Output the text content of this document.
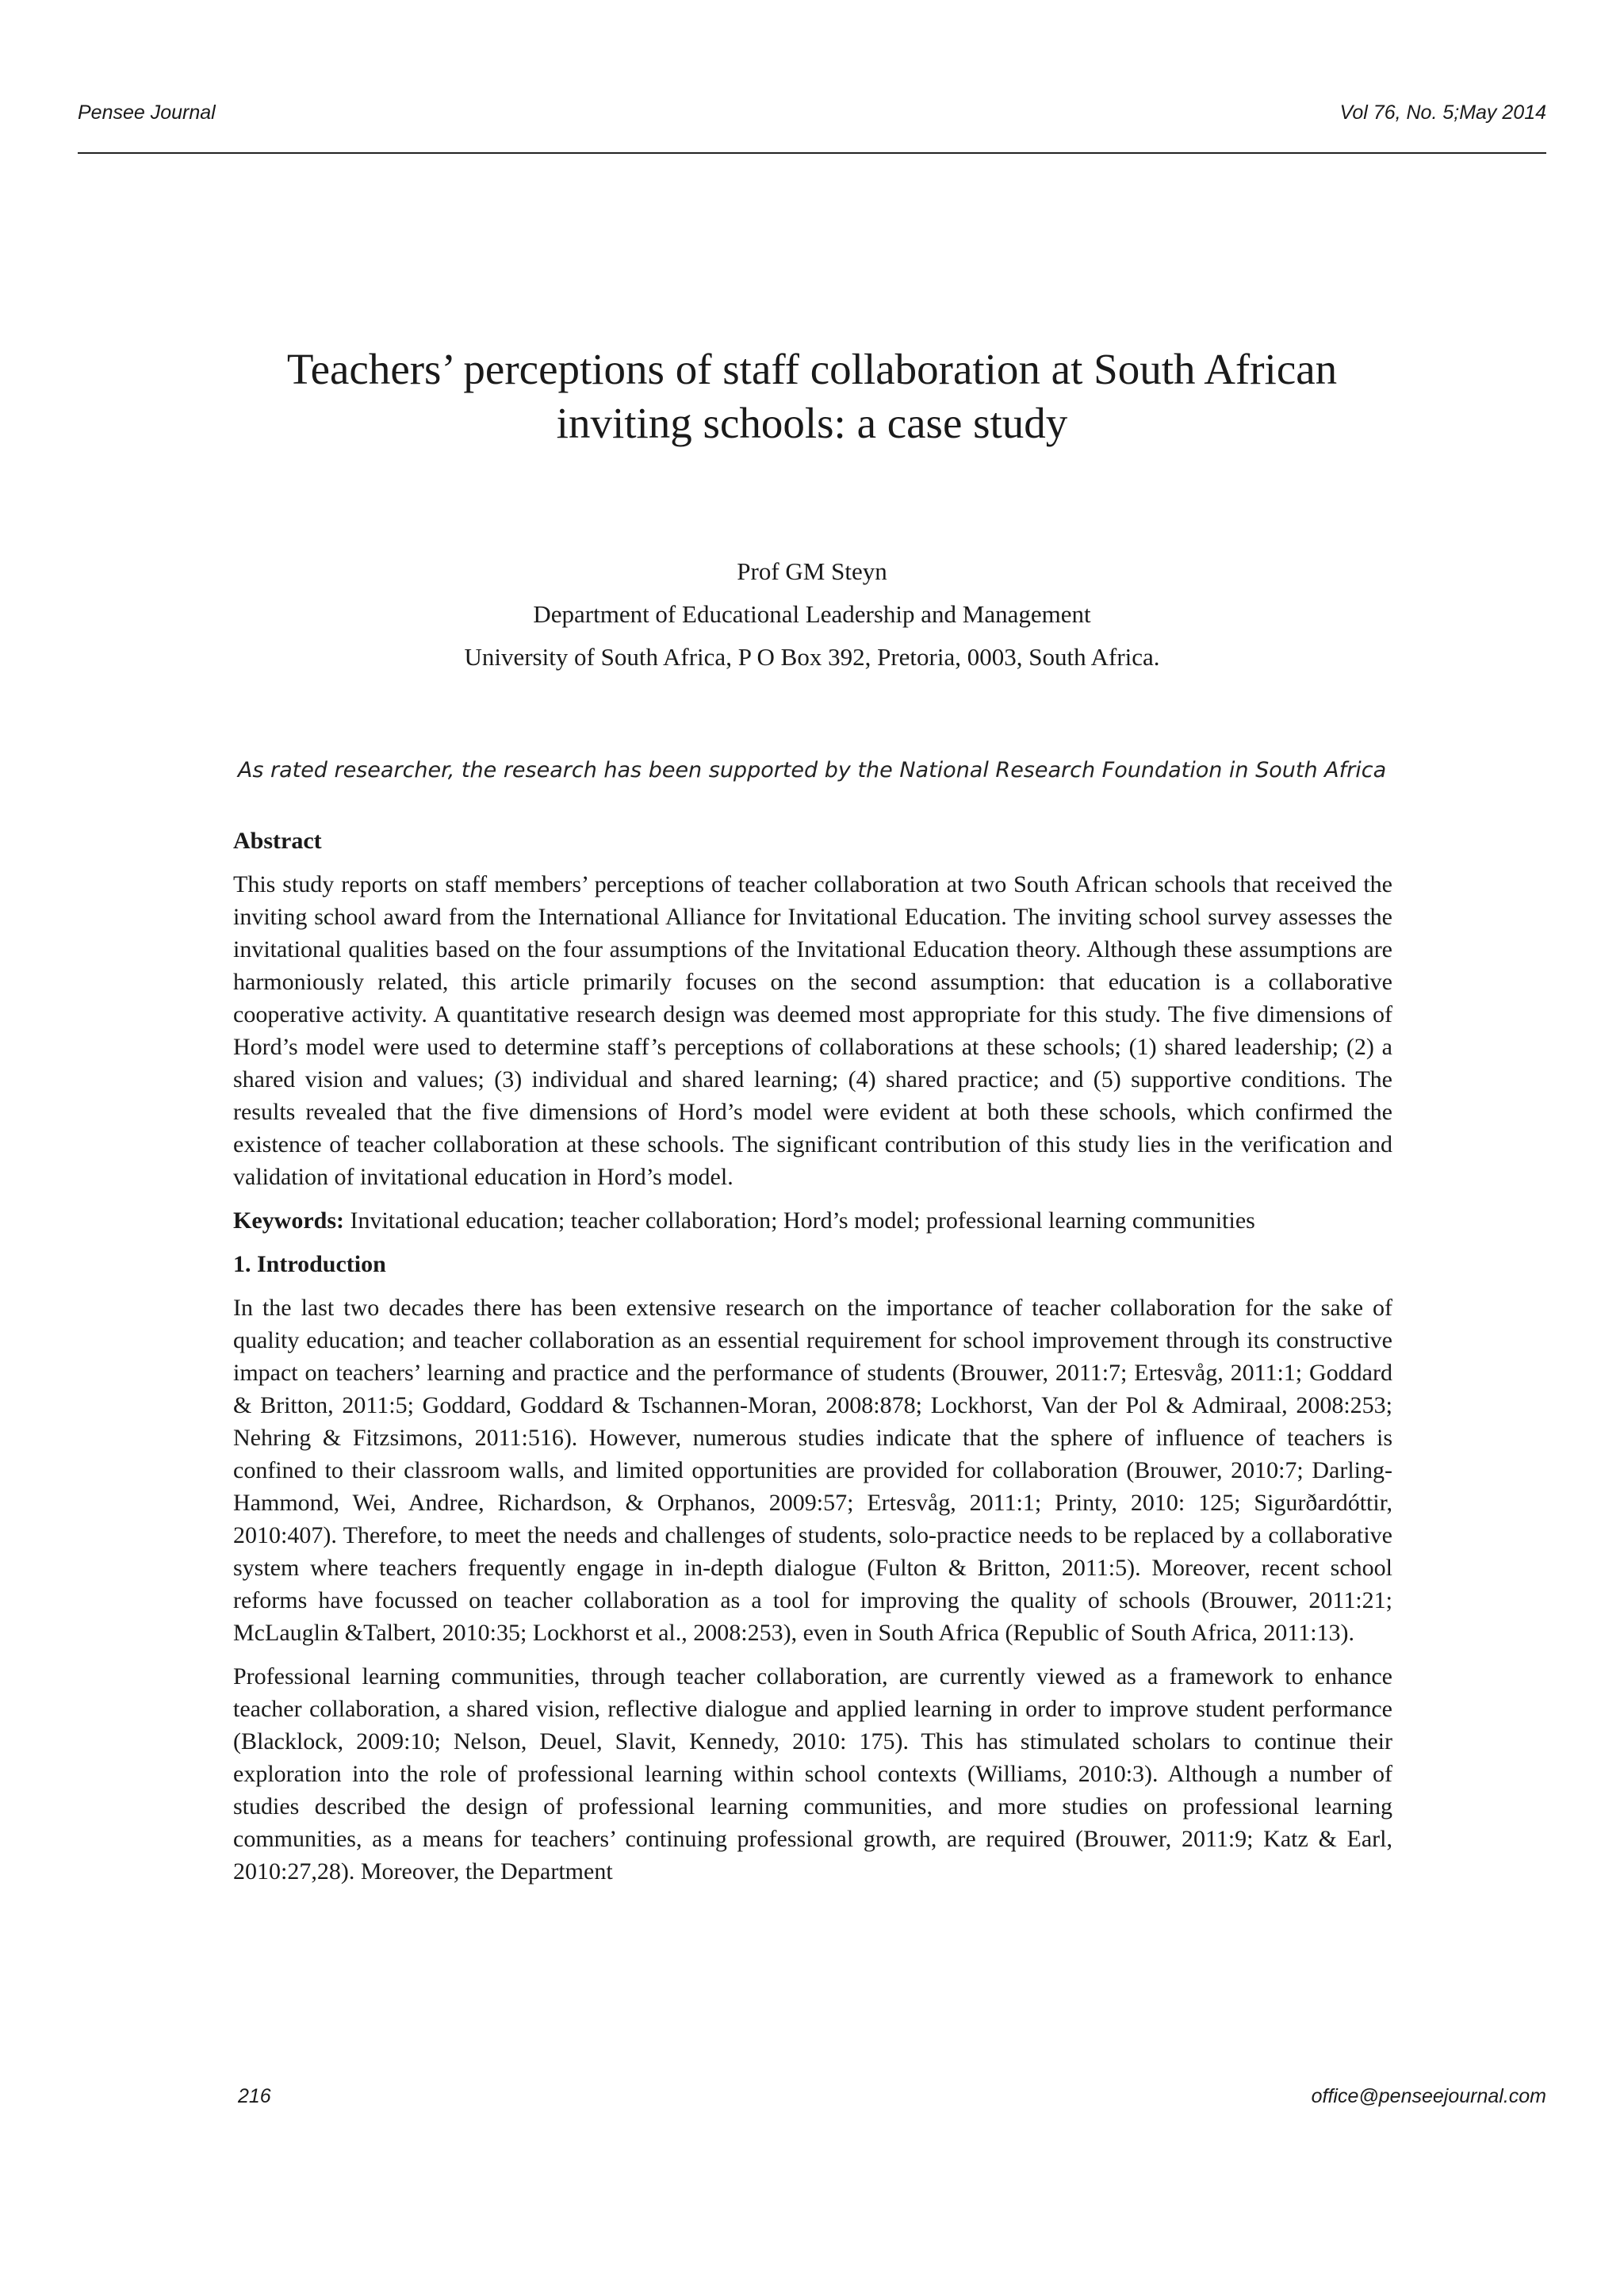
Pensee Journal	Vol 76, No. 5;May 2014
Teachers’ perceptions of staff collaboration at South African
inviting schools: a case study
Prof GM Steyn
Department of Educational Leadership and Management
University of South Africa, P O Box 392, Pretoria, 0003, South Africa.
As rated researcher, the research has been supported by the National Research Foundation in South Africa
Abstract

This study reports on staff members’ perceptions of teacher collaboration at two South African schools that received the inviting school award from the International Alliance for Invitational Education. The inviting school survey assesses the invitational qualities based on the four assumptions of the Invitational Education theory. Although these assumptions are harmoniously related, this article primarily focuses on the second assumption: that education is a collaborative cooperative activity. A quantitative research design was deemed most appropriate for this study. The five dimensions of Hord’s model were used to determine staff’s perceptions of collaborations at these schools; (1) shared leadership; (2) a shared vision and values; (3) individual and shared learning; (4) shared practice; and (5) supportive conditions. The results revealed that the five dimensions of Hord’s model were evident at both these schools, which confirmed the existence of teacher collaboration at these schools. The significant contribution of this study lies in the verification and validation of invitational education in Hord’s model.

Keywords: Invitational education; teacher collaboration; Hord’s model; professional learning communities

1. Introduction

In the last two decades there has been extensive research on the importance of teacher collaboration for the sake of quality education; and teacher collaboration as an essential requirement for school improvement through its constructive impact on teachers’ learning and practice and the performance of students (Brouwer, 2011:7; Ertesvåg, 2011:1; Goddard & Britton, 2011:5; Goddard, Goddard & Tschannen-Moran, 2008:878; Lockhorst, Van der Pol & Admiraal, 2008:253; Nehring & Fitzsimons, 2011:516). However, numerous studies indicate that the sphere of influence of teachers is confined to their classroom walls, and limited opportunities are provided for collaboration (Brouwer, 2010:7; Darling-Hammond, Wei, Andree, Richardson, & Orphanos, 2009:57; Ertesvåg, 2011:1; Printy, 2010: 125; Sigurðardóttir, 2010:407). Therefore, to meet the needs and challenges of students, solo-practice needs to be replaced by a collaborative system where teachers frequently engage in in-depth dialogue (Fulton & Britton, 2011:5). Moreover, recent school reforms have focussed on teacher collaboration as a tool for improving the quality of schools (Brouwer, 2011:21; McLauglin &Talbert, 2010:35; Lockhorst et al., 2008:253), even in South Africa (Republic of South Africa, 2011:13).

Professional learning communities, through teacher collaboration, are currently viewed as a framework to enhance teacher collaboration, a shared vision, reflective dialogue and applied learning in order to improve student performance (Blacklock, 2009:10; Nelson, Deuel, Slavit, Kennedy, 2010: 175). This has stimulated scholars to continue their exploration into the role of professional learning within school contexts (Williams, 2010:3). Although a number of studies described the design of professional learning communities, and more studies on professional learning communities, as a means for teachers’ continuing professional growth, are required (Brouwer, 2011:9; Katz & Earl, 2010:27,28). Moreover, the Department

216	office@penseejournal.com
